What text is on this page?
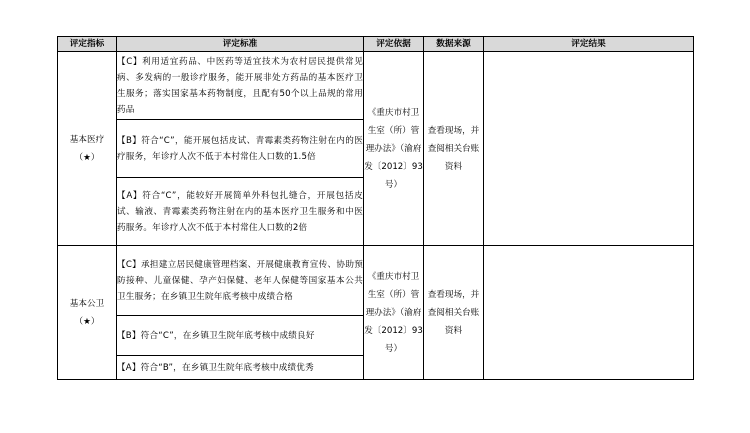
评定指标	评定标准	评定依据	数据来源	评定结果

基本医疗
（★）	【C】利用适宜药品、中医药等适宜技术为农村居民提供常见病、多发病的一般诊疗服务，能开展非处方药品的基本医疗卫生服务；落实国家基本药物制度，且配有50个以上品规的常用药品	《重庆市村卫生室（所）管理办法》（渝府发〔2012〕93号）	查看现场，并查阅相关台账资料	
	【B】符合“C”，能开展包括皮试、青霉素类药物注射在内的医疗服务，年诊疗人次不低于本村常住人口数的1.5倍			
	【A】符合“C”，能较好开展简单外科包扎缝合，开展包括皮试、输液、青霉素类药物注射在内的基本医疗卫生服务和中医药服务。年诊疗人次不低于本村常住人口数的2倍			

基本公卫
（★）	【C】承担建立居民健康管理档案、开展健康教育宣传、协助预防接种、儿童保健、孕产妇保健、老年人保健等国家基本公共卫生服务；在乡镇卫生院年底考核中成绩合格	《重庆市村卫生室（所）管理办法》（渝府发〔2012〕93号）	查看现场，并查阅相关台账资料	
	【B】符合“C”，在乡镇卫生院年底考核中成绩良好			
	【A】符合“B”，在乡镇卫生院年底考核中成绩优秀			
